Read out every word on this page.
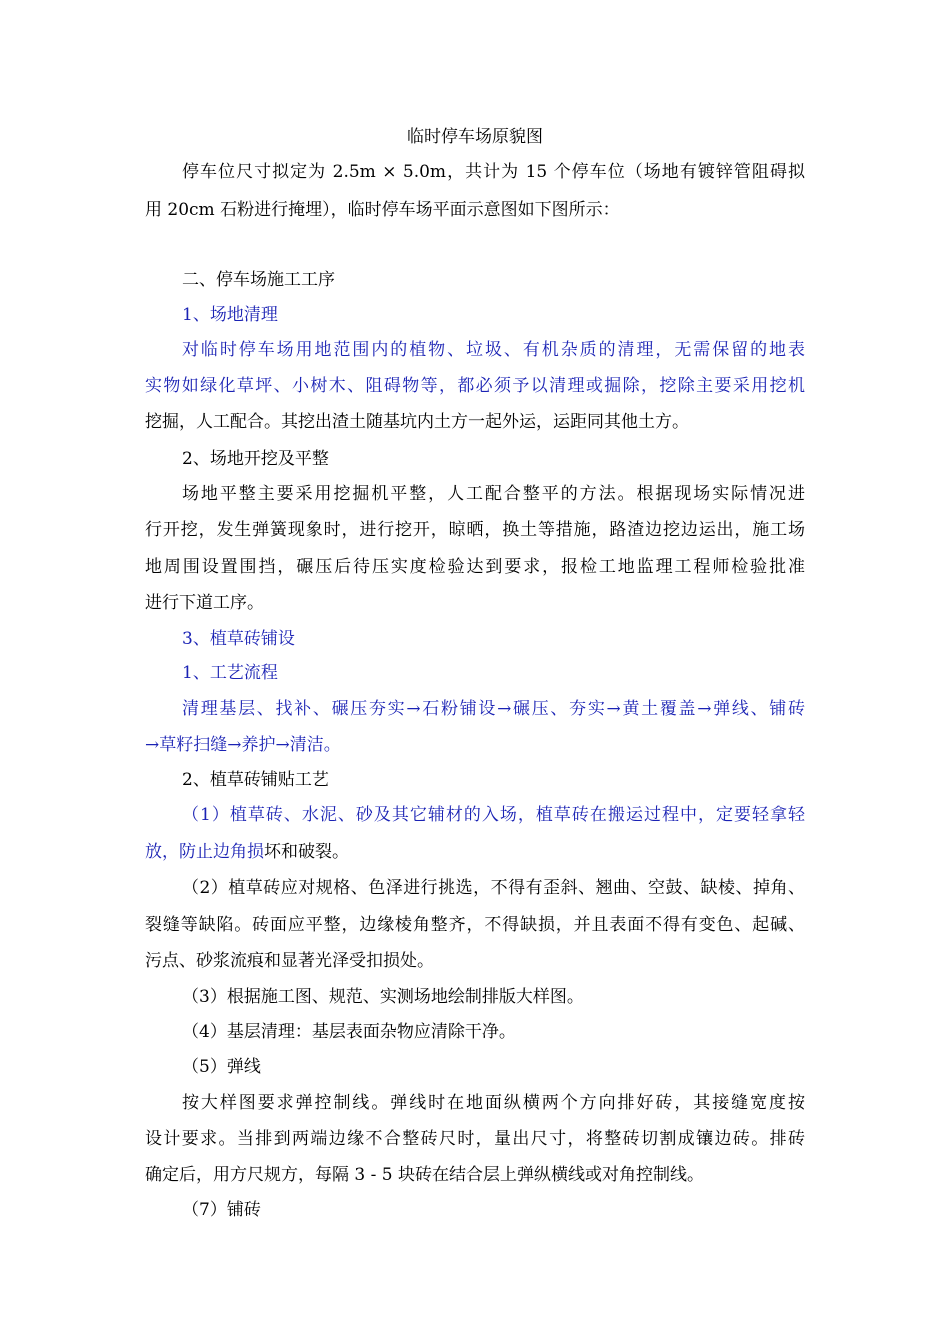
临时停车场原貌图
停车位尺寸拟定为 2.5m × 5.0m，共计为 15 个停车位（场地有镀锌管阻碍拟
用 20cm 石粉进行掩埋），临时停车场平面示意图如下图所示：
二、停车场施工工序
1、场地清理
对临时停车场用地范围内的植物、垃圾、有机杂质的清理，无需保留的地表
实物如绿化草坪、小树木、阻碍物等，都必须予以清理或掘除，挖除主要采用挖机
挖掘，人工配合。其挖出渣土随基坑内土方一起外运，运距同其他土方。
2、场地开挖及平整
场地平整主要采用挖掘机平整，人工配合整平的方法。根据现场实际情况进
行开挖，发生弹簧现象时，进行挖开，晾晒，换土等措施，路渣边挖边运出，施工场
地周围设置围挡，碾压后待压实度检验达到要求，报检工地监理工程师检验批准
进行下道工序。
3、植草砖铺设
1、工艺流程
清理基层、找补、碾压夯实→石粉铺设→碾压、夯实→黄土覆盖→弹线、铺砖
→草籽扫缝→养护→清洁。
2、植草砖铺贴工艺
（1）植草砖、水泥、砂及其它辅材的入场，植草砖在搬运过程中，定要轻拿轻
放，防止边角损坏和破裂。
（2）植草砖应对规格、色泽进行挑选，不得有歪斜、翘曲、空鼓、缺棱、掉角、
裂缝等缺陷。砖面应平整，边缘棱角整齐，不得缺损，并且表面不得有变色、起碱、
污点、砂浆流痕和显著光泽受扣损处。
（3）根据施工图、规范、实测场地绘制排版大样图。
（4）基层清理：基层表面杂物应清除干净。
（5）弹线
按大样图要求弹控制线。弹线时在地面纵横两个方向排好砖，其接缝宽度按
设计要求。当排到两端边缘不合整砖尺时，量出尺寸，将整砖切割成镶边砖。排砖
确定后，用方尺规方，每隔 3 - 5 块砖在结合层上弹纵横线或对角控制线。
（7）铺砖
